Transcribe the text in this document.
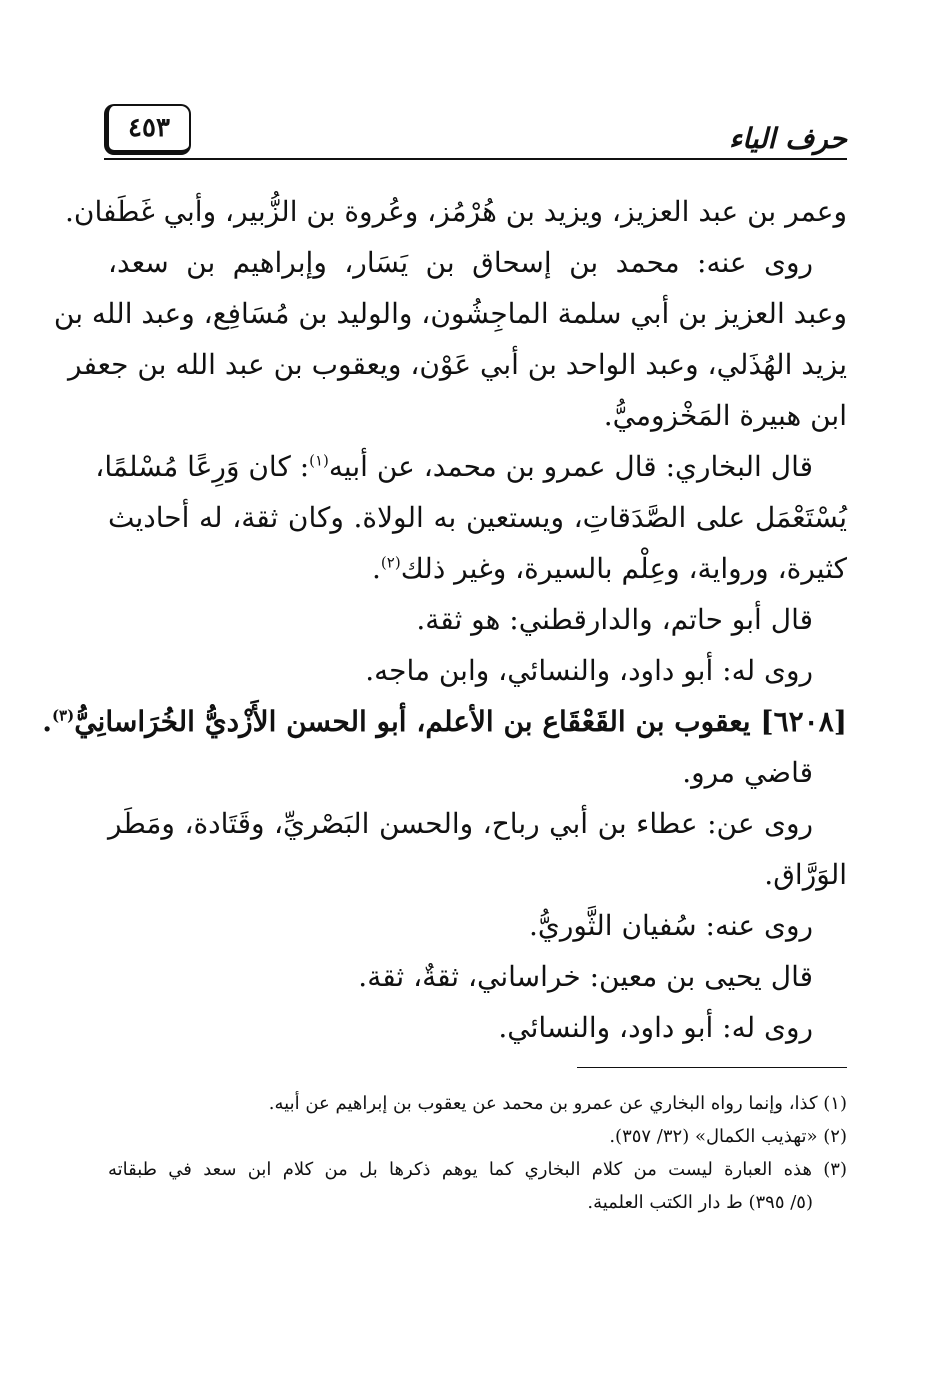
حرف الياء
٤٥٣
وعمر بن عبد العزيز، ويزيد بن هُرْمُز، وعُروة بن الزُّبير، وأبي غَطَفان.
روى عنه: محمد بن إسحاق بن يَسَار، وإبراهيم بن سعد،
وعبد العزيز بن أبي سلمة الماجِشُون، والوليد بن مُسَافِع، وعبد الله بن
يزيد الهُذَلي، وعبد الواحد بن أبي عَوْن، ويعقوب بن عبد الله بن جعفر
ابن هبيرة المَخْزوميُّ.
قال البخاري: قال عمرو بن محمد، عن أبيه$^{(١)}$: كان وَرِعًا مُسْلمًا،
يُسْتَعْمَل على الصَّدَقاتِ، ويستعين به الولاة. وكان ثقة، له أحاديث
كثيرة، ورواية، وعِلْم بالسيرة، وغير ذلك$^{(٢)}$.
قال أبو حاتم، والدارقطني: هو ثقة.
روى له: أبو داود، والنسائي، وابن ماجه.
[٦٢٠٨] يعقوب بن القَعْقَاع بن الأعلم، أبو الحسن الأَزْديُّ الخُرَاسانِيُّ$^{(٣)}$.
قاضي مرو.
روى عن: عطاء بن أبي رباح، والحسن البَصْريِّ، وقَتَادة، ومَطَر
الوَرَّاق.
روى عنه: سُفيان الثَّوريُّ.
قال يحيى بن معين: خراساني، ثقةٌ، ثقة.
روى له: أبو داود، والنسائي.
(١) كذا، وإنما رواه البخاري عن عمرو بن محمد عن يعقوب بن إبراهيم عن أبيه.
(٢) «تهذيب الكمال» (٣٢/ ٣٥٧).
(٣) هذه العبارة ليست من كلام البخاري كما يوهم ذكرها بل من كلام ابن سعد في طبقاته
(٥/ ٣٩٥) ط دار الكتب العلمية.
